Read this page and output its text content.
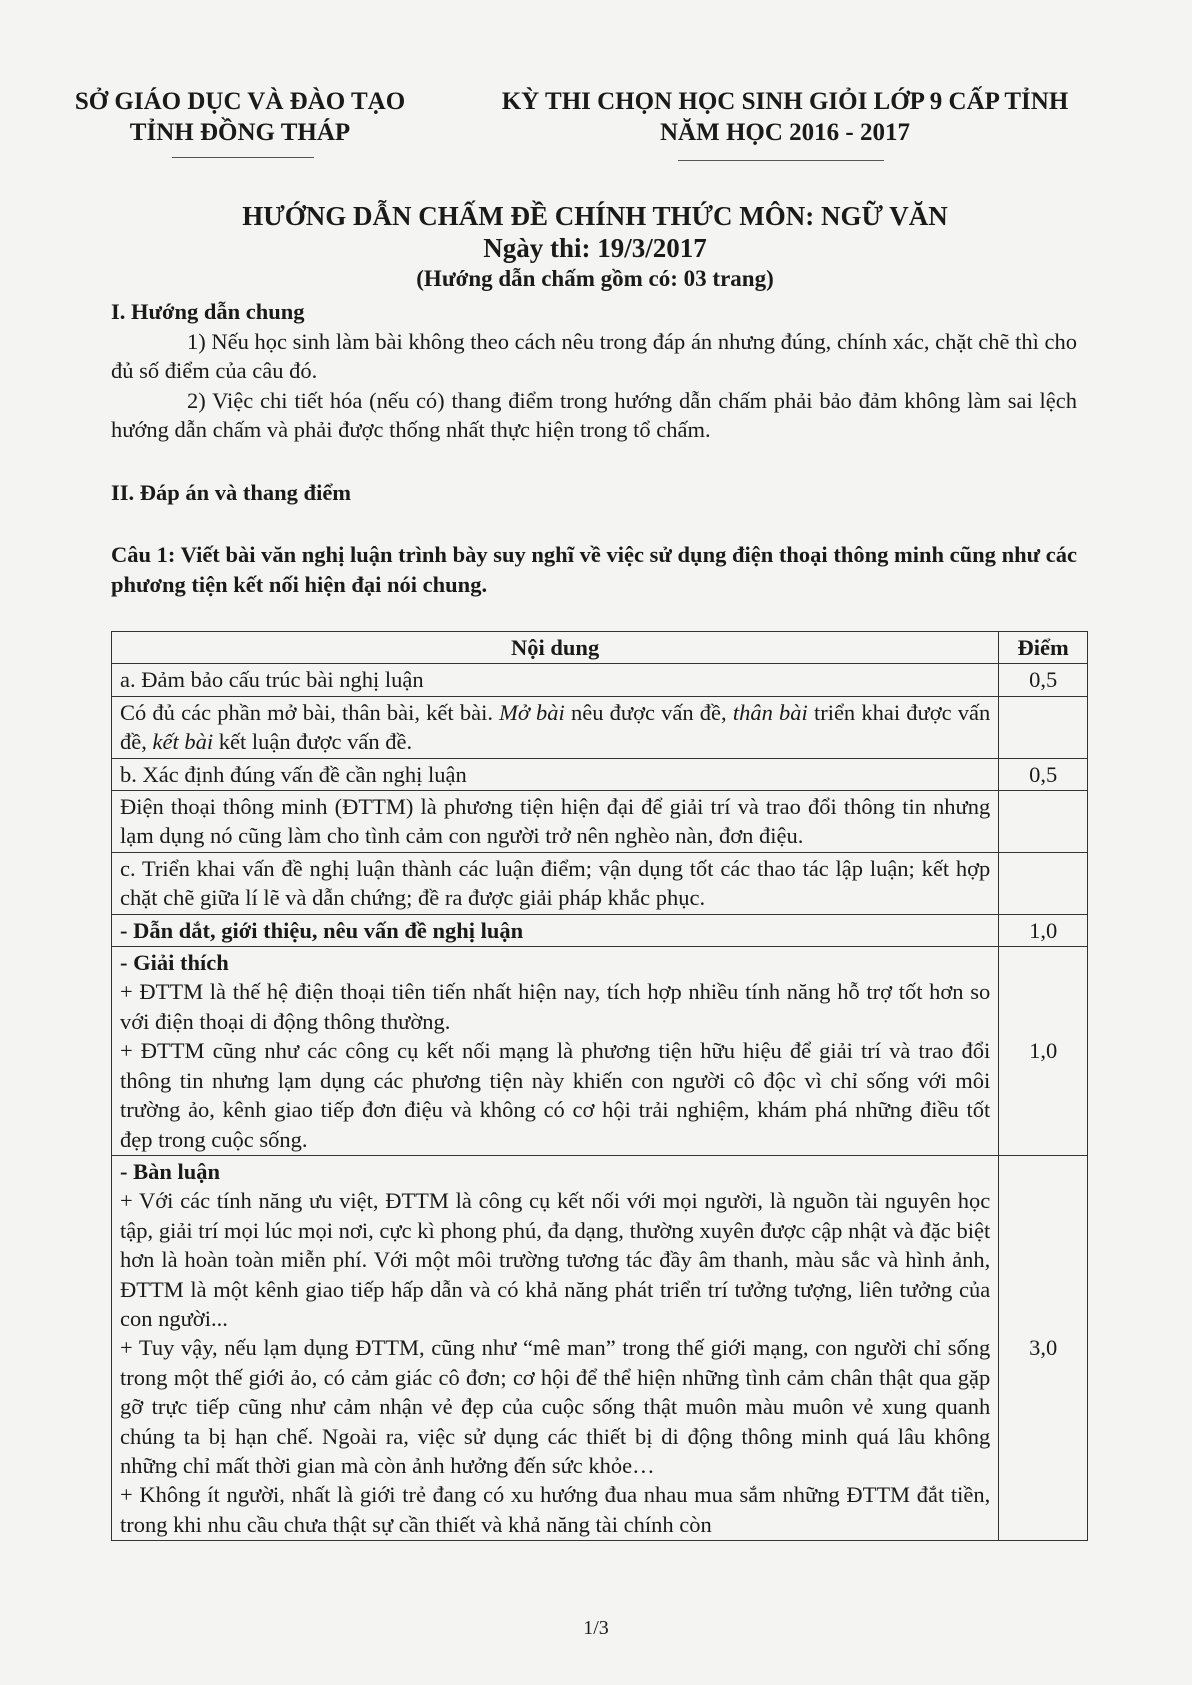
SỞ GIÁO DỤC VÀ ĐÀO TẠO
TỈNH ĐỒNG THÁP
KỲ THI CHỌN HỌC SINH GIỎI LỚP 9 CẤP TỈNH
NĂM HỌC 2016 - 2017
HƯỚNG DẪN CHẤM ĐỀ CHÍNH THỨC MÔN: NGỮ VĂN
Ngày thi: 19/3/2017
(Hướng dẫn chấm gồm có: 03 trang)
I. Hướng dẫn chung
1) Nếu học sinh làm bài không theo cách nêu trong đáp án nhưng đúng, chính xác, chặt chẽ thì cho đủ số điểm của câu đó.
2) Việc chi tiết hóa (nếu có) thang điểm trong hướng dẫn chấm phải bảo đảm không làm sai lệch hướng dẫn chấm và phải được thống nhất thực hiện trong tổ chấm.
II. Đáp án và thang điểm
Câu 1: Viết bài văn nghị luận trình bày suy nghĩ về việc sử dụng điện thoại thông minh cũng như các phương tiện kết nối hiện đại nói chung.
Nội dung	Điểm
a. Đảm bảo cấu trúc bài nghị luận	0,5
Có đủ các phần mở bài, thân bài, kết bài. Mở bài nêu được vấn đề, thân bài triển khai được vấn đề, kết bài kết luận được vấn đề.	
b. Xác định đúng vấn đề cần nghị luận	0,5
Điện thoại thông minh (ĐTTM) là phương tiện hiện đại để giải trí và trao đổi thông tin nhưng lạm dụng nó cũng làm cho tình cảm con người trở nên nghèo nàn, đơn điệu.	
c. Triển khai vấn đề nghị luận thành các luận điểm; vận dụng tốt các thao tác lập luận; kết hợp chặt chẽ giữa lí lẽ và dẫn chứng; đề ra được giải pháp khắc phục.	
- Dẫn dắt, giới thiệu, nêu vấn đề nghị luận	1,0

- Giải thích
+ ĐTTM là thế hệ điện thoại tiên tiến nhất hiện nay, tích hợp nhiều tính năng hỗ trợ tốt hơn so với điện thoại di động thông thường.
+ ĐTTM cũng như các công cụ kết nối mạng là phương tiện hữu hiệu để giải trí và trao đổi thông tin nhưng lạm dụng các phương tiện này khiến con người cô độc vì chỉ sống với môi trường ảo, kênh giao tiếp đơn điệu và không có cơ hội trải nghiệm, khám phá những điều tốt đẹp trong cuộc sống.	1,0

- Bàn luận
+ Với các tính năng ưu việt, ĐTTM là công cụ kết nối với mọi người, là nguồn tài nguyên học tập, giải trí mọi lúc mọi nơi, cực kì phong phú, đa dạng, thường xuyên được cập nhật và đặc biệt hơn là hoàn toàn miễn phí. Với một môi trường tương tác đầy âm thanh, màu sắc và hình ảnh, ĐTTM là một kênh giao tiếp hấp dẫn và có khả năng phát triển trí tưởng tượng, liên tưởng của con người...
+ Tuy vậy, nếu lạm dụng ĐTTM, cũng như “mê man” trong thế giới mạng, con người chỉ sống trong một thế giới ảo, có cảm giác cô đơn; cơ hội để thể hiện những tình cảm chân thật qua gặp gỡ trực tiếp cũng như cảm nhận vẻ đẹp của cuộc sống thật muôn màu muôn vẻ xung quanh chúng ta bị hạn chế. Ngoài ra, việc sử dụng các thiết bị di động thông minh quá lâu không những chỉ mất thời gian mà còn ảnh hưởng đến sức khỏe…
+ Không ít người, nhất là giới trẻ đang có xu hướng đua nhau mua sắm những ĐTTM đắt tiền, trong khi nhu cầu chưa thật sự cần thiết và khả năng tài chính còn	3,0
1/3
